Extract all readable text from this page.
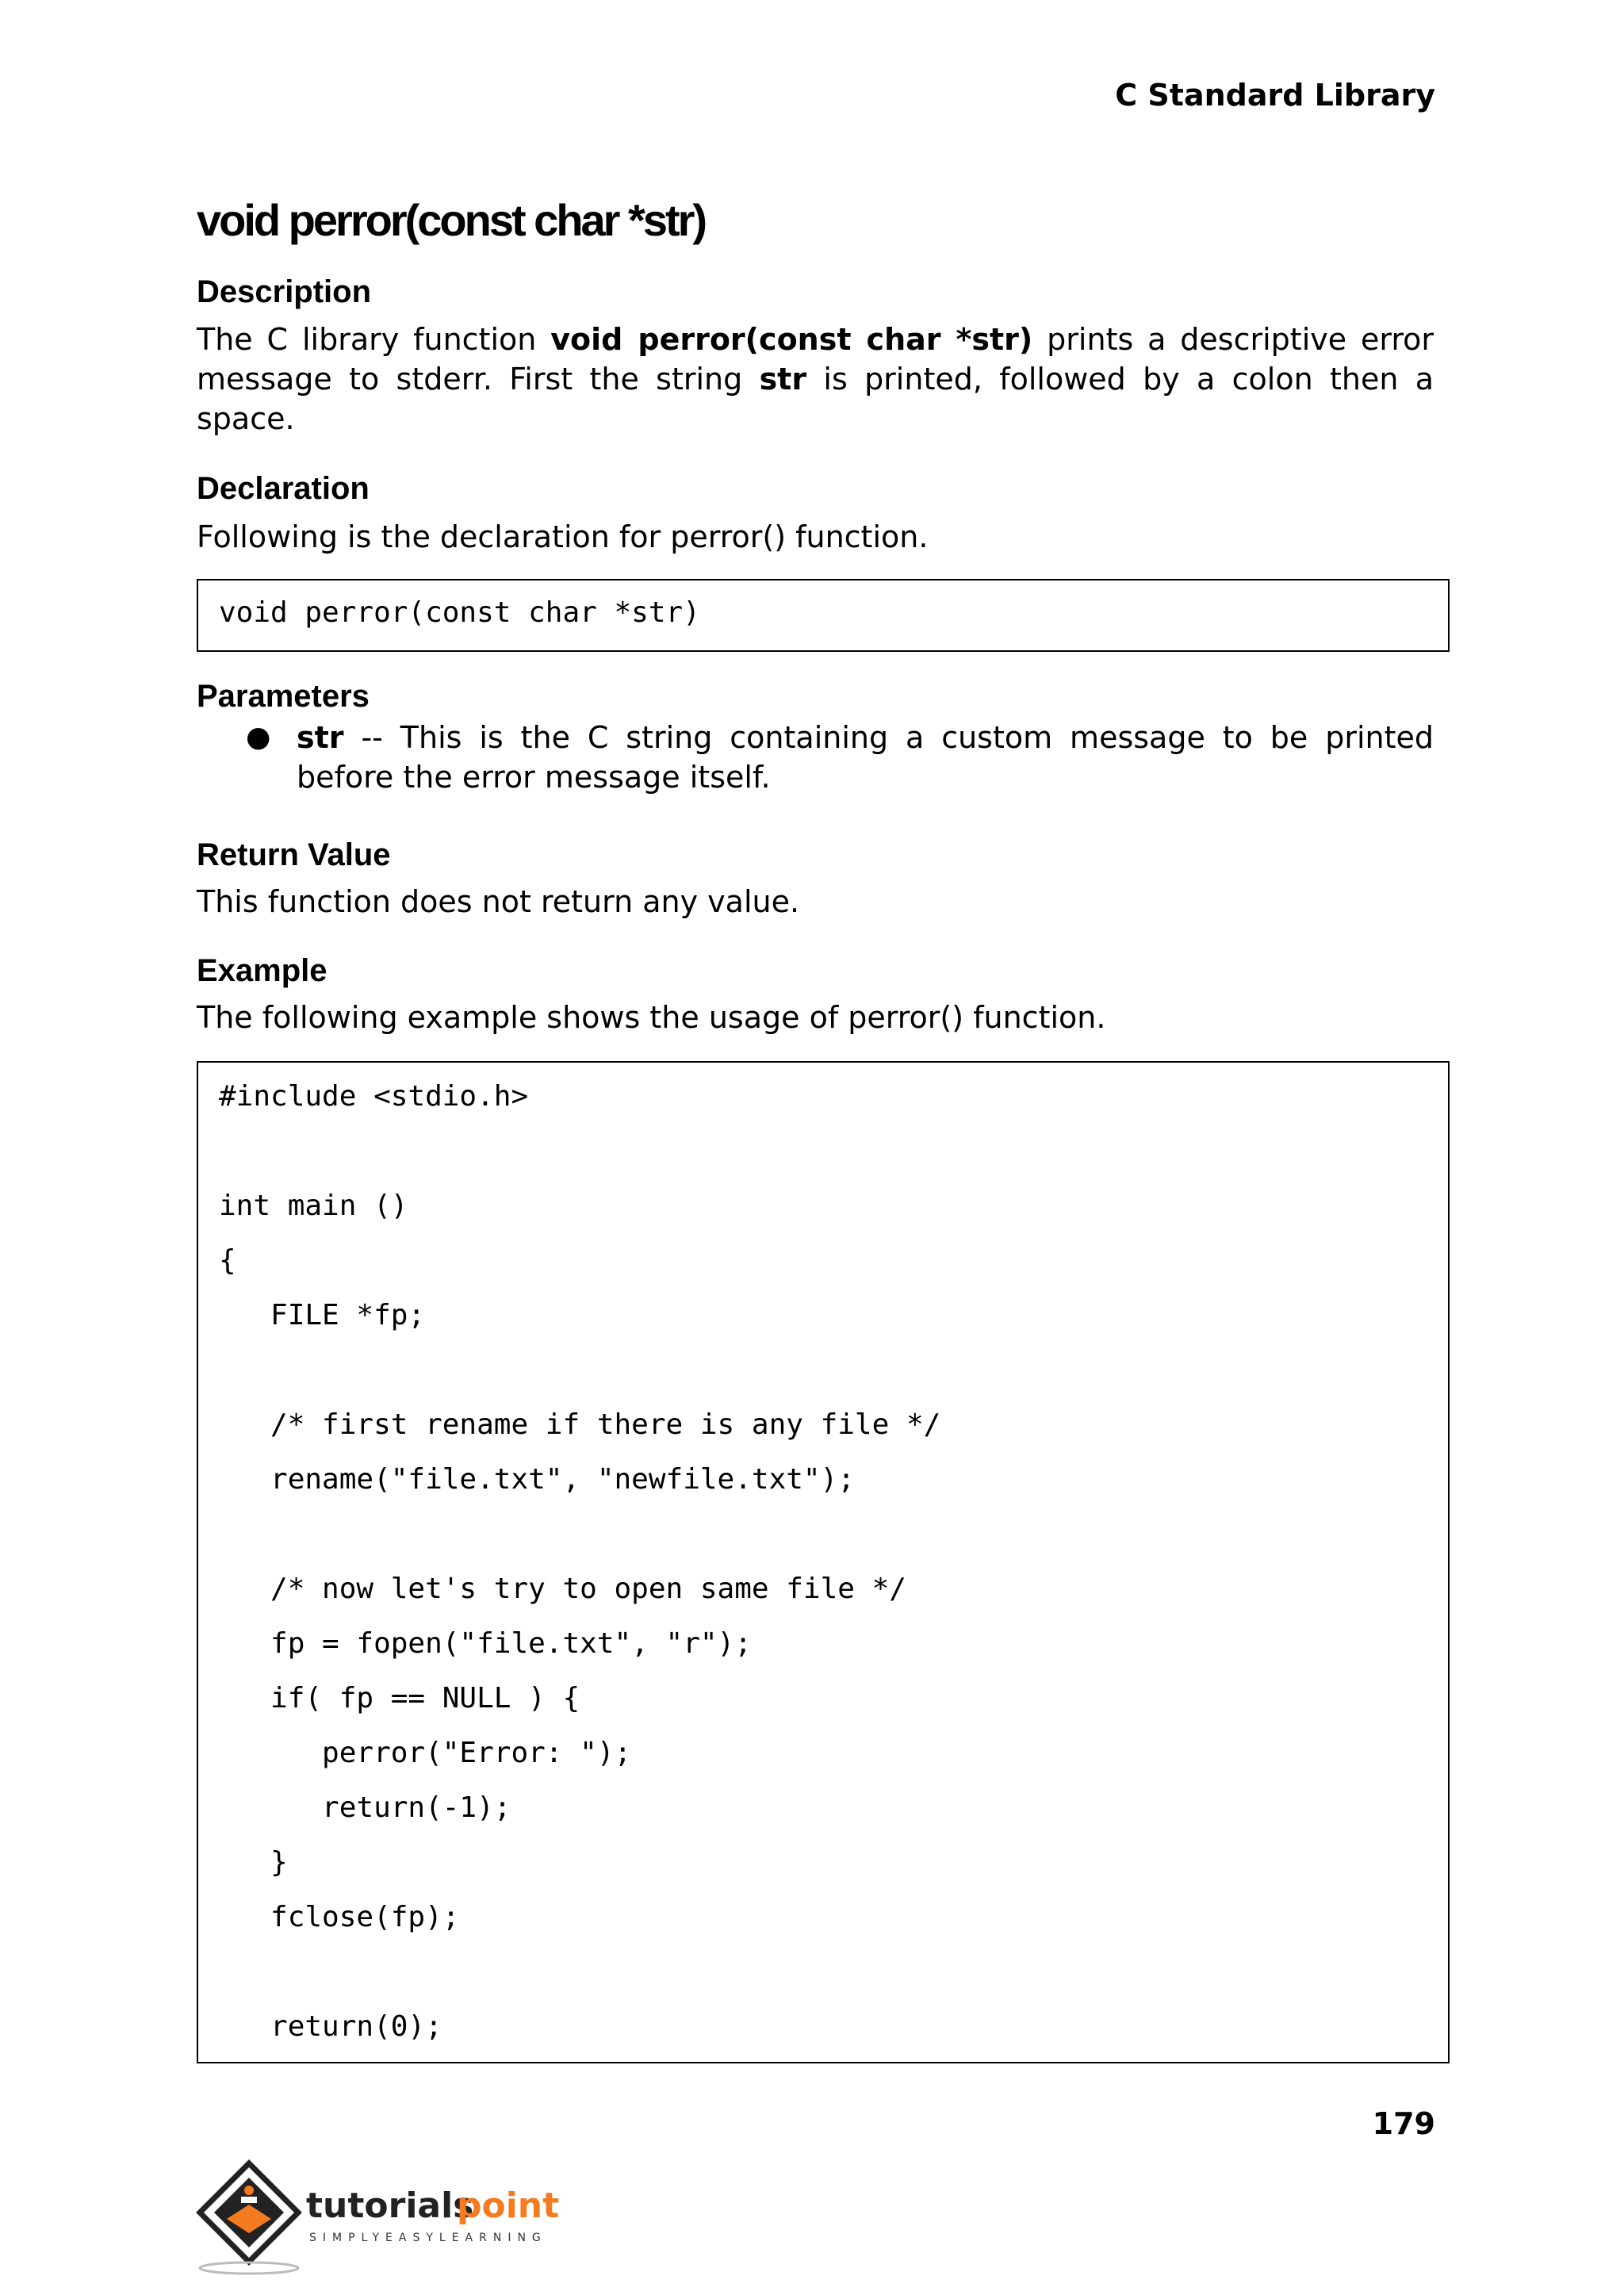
C Standard Library
void perror(const char *str)
Description

The C library function void perror(const char *str) prints a descriptive error message to stderr. First the string str is printed, followed by a colon then a space.

Declaration

Following is the declaration for perror() function.

void perror(const char *str)
Parameters
● str -- This is the C string containing a custom message to be printed before the error message itself.

Return Value

This function does not return any value.

Example

The following example shows the usage of perror() function.

#include <stdio.h>
int main ()
{
FILE *fp;
/* first rename if there is any file */
rename("file.txt", "newfile.txt");
/* now let's try to open same file */
fp = fopen("file.txt", "r");
if( fp == NULL ) {
perror("Error: ");
return(-1);
}
fclose(fp);
return(0);
179
tutorials
point
SIMPLYEASYLEARNING
